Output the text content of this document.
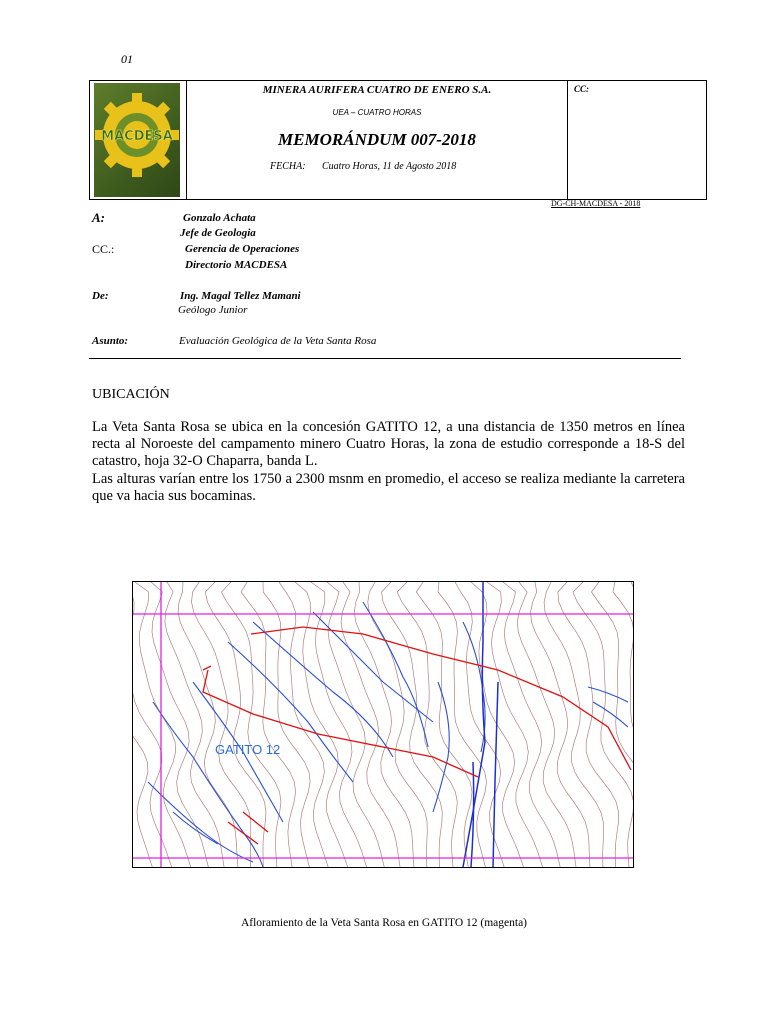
01
MACDESA
MINERA AURIFERA CUATRO DE ENERO S.A.
UEA – CUATRO HORAS
MEMORÁNDUM 007-2018
FECHA: Cuatro Horas, 11 de Agosto 2018
CC:
DG-CH-MACDESA - 2018
A:	Gonzalo Achata
Jefe de Geologia
CC.:	Gerencia de Operaciones
Directorio MACDESA
De:	Ing. Magal Tellez Mamani
Geólogo Junior
Asunto:	Evaluación Geológica de la Veta Santa Rosa
UBICACIÓN
La Veta Santa Rosa se ubica en la concesión GATITO 12, a una distancia de 1350 metros en línea recta al Noroeste del campamento minero Cuatro Horas, la zona de estudio corresponde a 18-S del catastro, hoja 32-O Chaparra, banda L.
Las alturas varían entre los 1750 a 2300 msnm en promedio, el acceso se realiza mediante la carretera que va hacia sus bocaminas.
GATITO 12
Afloramiento de la Veta Santa Rosa en GATITO 12 (magenta)
